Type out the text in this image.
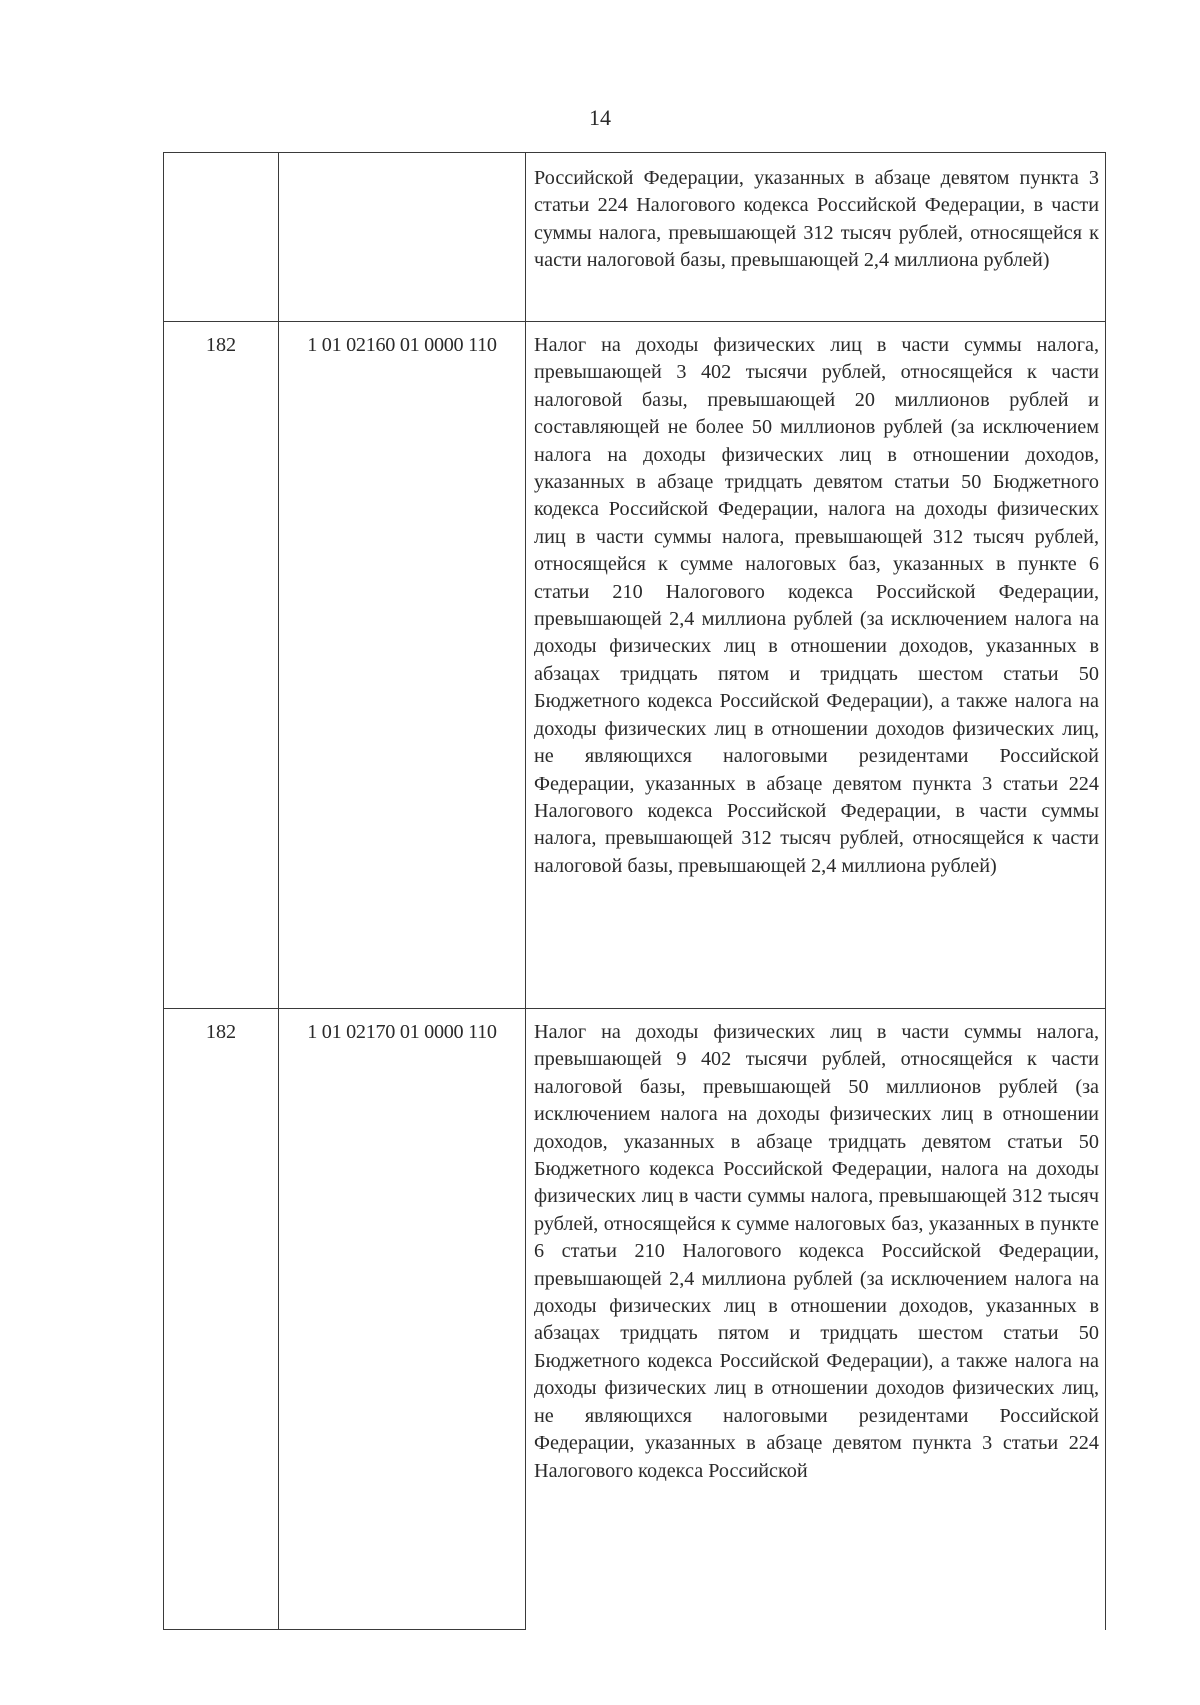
14
		Российской Федерации, указанных в абзаце девятом пункта 3 статьи 224 Налогового кодекса Российской Федерации, в части суммы налога, превышающей 312 тысяч рублей, относящейся к части налоговой базы, превышающей 2,4 миллиона рублей)
182	1 01 02160 01 0000 110	Налог на доходы физических лиц в части суммы налога, превышающей 3 402 тысячи рублей, относящейся к части налоговой базы, превышающей 20 миллионов рублей и составляющей не более 50 миллионов рублей (за исключением налога на доходы физических лиц в отношении доходов, указанных в абзаце тридцать девятом статьи 50 Бюджетного кодекса Российской Федерации, налога на доходы физических лиц в части суммы налога, превышающей 312 тысяч рублей, относящейся к сумме налоговых баз, указанных в пункте 6 статьи 210 Налогового кодекса Российской Федерации, превышающей 2,4 миллиона рублей (за исключением налога на доходы физических лиц в отношении доходов, указанных в абзацах тридцать пятом и тридцать шестом статьи 50 Бюджетного кодекса Российской Федерации), а также налога на доходы физических лиц в отношении доходов физических лиц, не являющихся налоговыми резидентами Российской Федерации, указанных в абзаце девятом пункта 3 статьи 224 Налогового кодекса Российской Федерации, в части суммы налога, превышающей 312 тысяч рублей, относящейся к части налоговой базы, превышающей 2,4 миллиона рублей)
182	1 01 02170 01 0000 110	Налог на доходы физических лиц в части суммы налога, превышающей 9 402 тысячи рублей, относящейся к части налоговой базы, превышающей 50 миллионов рублей (за исключением налога на доходы физических лиц в отношении доходов, указанных в абзаце тридцать девятом статьи 50 Бюджетного кодекса Российской Федерации, налога на доходы физических лиц в части суммы налога, превышающей 312 тысяч рублей, относящейся к сумме налоговых баз, указанных в пункте 6 статьи 210 Налогового кодекса Российской Федерации, превышающей 2,4 миллиона рублей (за исключением налога на доходы физических лиц в отношении доходов, указанных в абзацах тридцать пятом и тридцать шестом статьи 50 Бюджетного кодекса Российской Федерации), а также налога на доходы физических лиц в отношении доходов физических лиц, не являющихся налоговыми резидентами Российской Федерации, указанных в абзаце девятом пункта 3 статьи 224 Налогового кодекса Российской
